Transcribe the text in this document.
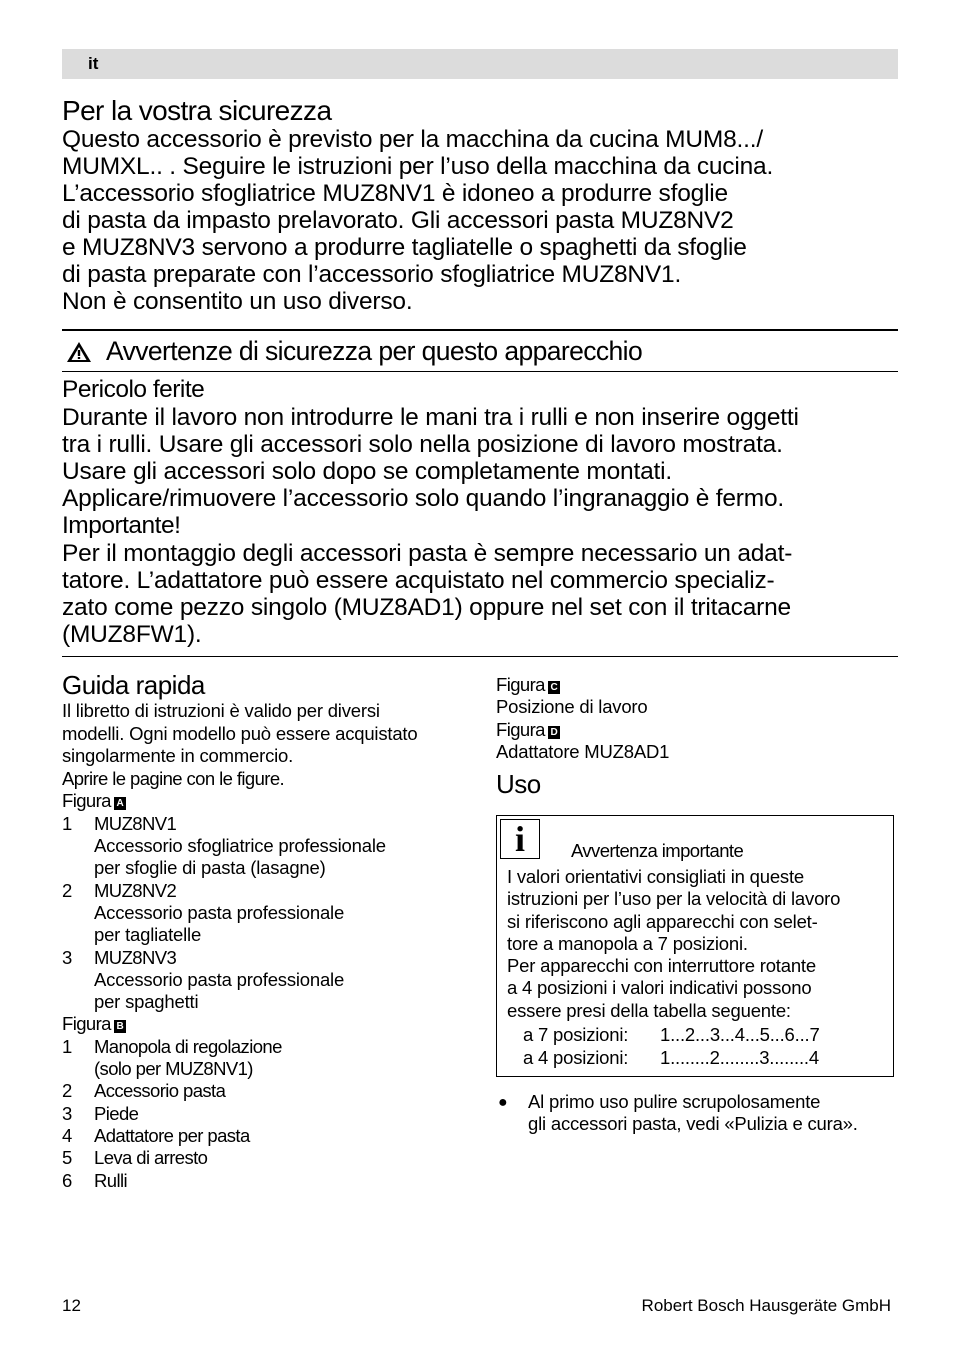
it
Per la vostra sicurezza
Questo accessorio è previsto per la macchina da cucina MUM8.../
MUMXL.. . Seguire le istruzioni per l’uso della macchina da cucina.
L’accessorio sfogliatrice MUZ8NV1 è idoneo a produrre sfoglie
di pasta da impasto prelavorato. Gli accessori pasta MUZ8NV2
e MUZ8NV3 servono a produrre tagliatelle o spaghetti da sfoglie
di pasta preparate con l’accessorio sfogliatrice MUZ8NV1.
Non è consentito un uso diverso.
Avvertenze di sicurezza per questo apparecchio
Pericolo ferite
Durante il lavoro non introdurre le mani tra i rulli e non inserire oggetti
tra i rulli. Usare gli accessori solo nella posizione di lavoro mostrata.
Usare gli accessori solo dopo se completamente montati.
Applicare/rimuovere l’accessorio solo quando l’ingranaggio è fermo.
Importante!
Per il montaggio degli accessori pasta è sempre necessario un adat-
tatore. L’adattatore può essere acquistato nel commercio specializ-
zato come pezzo singolo (MUZ8AD1) oppure nel set con il tritacarne
(MUZ8FW1).
Guida rapida
Il libretto di istruzioni è valido per diversi
modelli. Ogni modello può essere acquistato
singolarmente in commercio.
Aprire le pagine con le figure.
Figura A
1	MUZ8NV1
Accessorio sfogliatrice professionale
per sfoglie di pasta (lasagne)
2	MUZ8NV2
Accessorio pasta professionale
per tagliatelle
3	MUZ8NV3
Accessorio pasta professionale
per spaghetti
Figura B
1	Manopola di regolazione
(solo per MUZ8NV1)
2	Accessorio pasta
3	Piede
4	Adattatore per pasta
5	Leva di arresto
6	Rulli
Figura C
Posizione di lavoro
Figura D
Adattatore MUZ8AD1
Uso
i	Avvertenza importante
I valori orientativi consigliati in queste
istruzioni per l’uso per la velocità di lavoro
si riferiscono agli apparecchi con selet-
tore a manopola a 7 posizioni.
Per apparecchi con interruttore rotante
a 4 posizioni i valori indicativi possono
essere presi della tabella seguente:
a 7 posizioni:	1...2...3...4...5...6...7
a 4 posizioni:	1........2........3........4
●	Al primo uso pulire scrupolosamente
gli accessori pasta, vedi «Pulizia e cura».
12	Robert Bosch Hausgeräte GmbH
